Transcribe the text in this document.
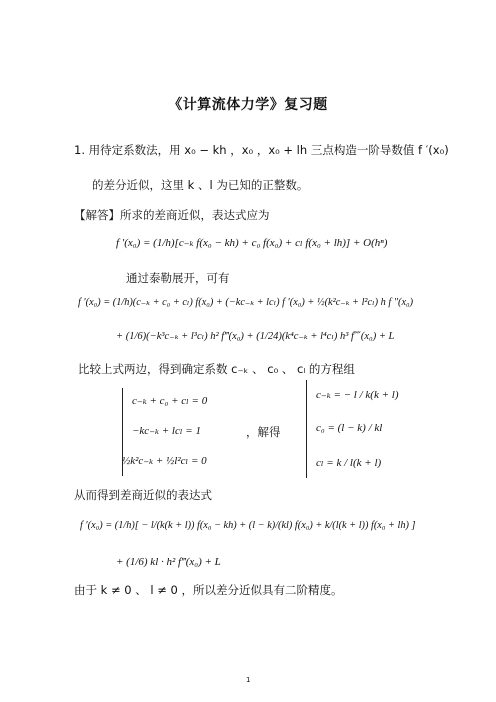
《计算流体力学》复习题
1. 用待定系数法，用 x₀ − kh ，x₀ ，x₀ + lh 三点构造一阶导数值 f ′(x₀)
的差分近似，这里 k 、l 为已知的正整数。
【解答】所求的差商近似，表达式应为
f ′(x₀) = (1/h)[c₋ₖ f(x₀ − kh) + c₀ f(x₀) + cₗ f(x₀ + lh)] + O(hⁿ)
通过泰勒展开，可有
f ′(x₀) = (1/h)(c₋ₖ + c₀ + cₗ) f(x₀) + (−kc₋ₖ + lcₗ) f ′(x₀) + ½(k²c₋ₖ + l²cₗ) h f ″(x₀)
+ (1/6)(−k³c₋ₖ + l³cₗ) h² f‴(x₀) + (1/24)(k⁴c₋ₖ + l⁴cₗ) h³ f⁗(x₀) + L
比较上式两边，得到确定系数 c₋ₖ 、 c₀ 、 cₗ 的方程组
c₋ₖ + c₀ + cₗ = 0
−kc₋ₖ + lcₗ = 1
½k²c₋ₖ + ½l²cₗ = 0
，解得
c₋ₖ = − l / k(k + l)
c₀ = (l − k) / kl
cₗ = k / l(k + l)
从而得到差商近似的表达式
f ′(x₀) = (1/h)[ − l/(k(k + l)) f(x₀ − kh) + (l − k)/(kl) f(x₀) + k/(l(k + l)) f(x₀ + lh) ]
+ (1/6) kl · h² f‴(x₀) + L
由于 k ≠ 0 、 l ≠ 0 ，所以差分近似具有二阶精度。
1
